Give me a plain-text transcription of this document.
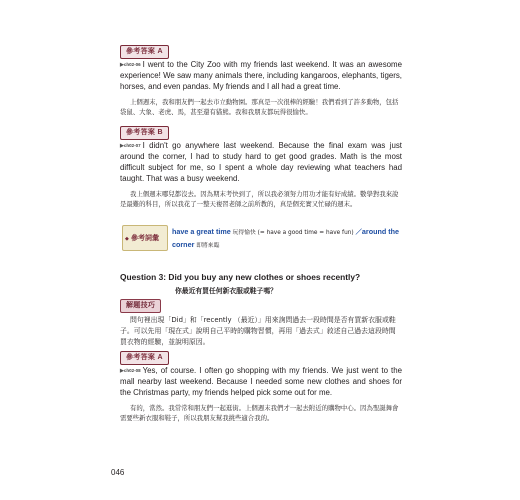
參考答案 A

▶ch02-06 I went to the City Zoo with my friends last weekend. It was an awesome experience! We saw many animals there, including kangaroos, elephants, tigers, horses, and even pandas. My friends and I all had a great time.

上個週末，我和朋友們一起去市立動物園。那真是一次很棒的經驗！我們看到了許多動物，包括袋鼠、大象、老虎、馬，甚至還有貓熊。我和我朋友都玩得很愉快。

參考答案 B

▶ch02-07 I didn't go anywhere last weekend. Because the final exam was just around the corner, I had to study hard to get good grades. Math is the most difficult subject for me, so I spent a whole day reviewing what teachers had taught. That was a busy weekend.

我上個週末哪兒都沒去。因為期末考快到了，所以我必須努力用功才能有好成績。數學對我來說是最難的科目，所以我花了一整天複習老師之前所教的，真是個充實又忙碌的週末。

◆ 參考詞彙
have a great time 玩得愉快 (= have a good time = have fun) ／around the corner 即將來臨
Question 3: Did you buy any new clothes or shoes recently?
你最近有買任何新衣服或鞋子嗎？
解題技巧

問句裡出現「Did」和「recently （最近）」用來詢問過去一段時間是否有買新衣服或鞋子。可以先用「現在式」說明自己平時的購物習慣，再用「過去式」敘述自己過去這段時間買衣物的經驗，並說明原因。

參考答案 A

▶ch02-08 Yes, of course. I often go shopping with my friends. We just went to the mall nearby last weekend. Because I needed some new clothes and shoes for the Christmas party, my friends helped pick some out for me.

有的，當然。我常常和朋友們一起逛街。上個週末我們才一起去附近的購物中心。因為聖誕舞會需要些新衣服和鞋子，所以我朋友幫我挑些適合我的。

046
